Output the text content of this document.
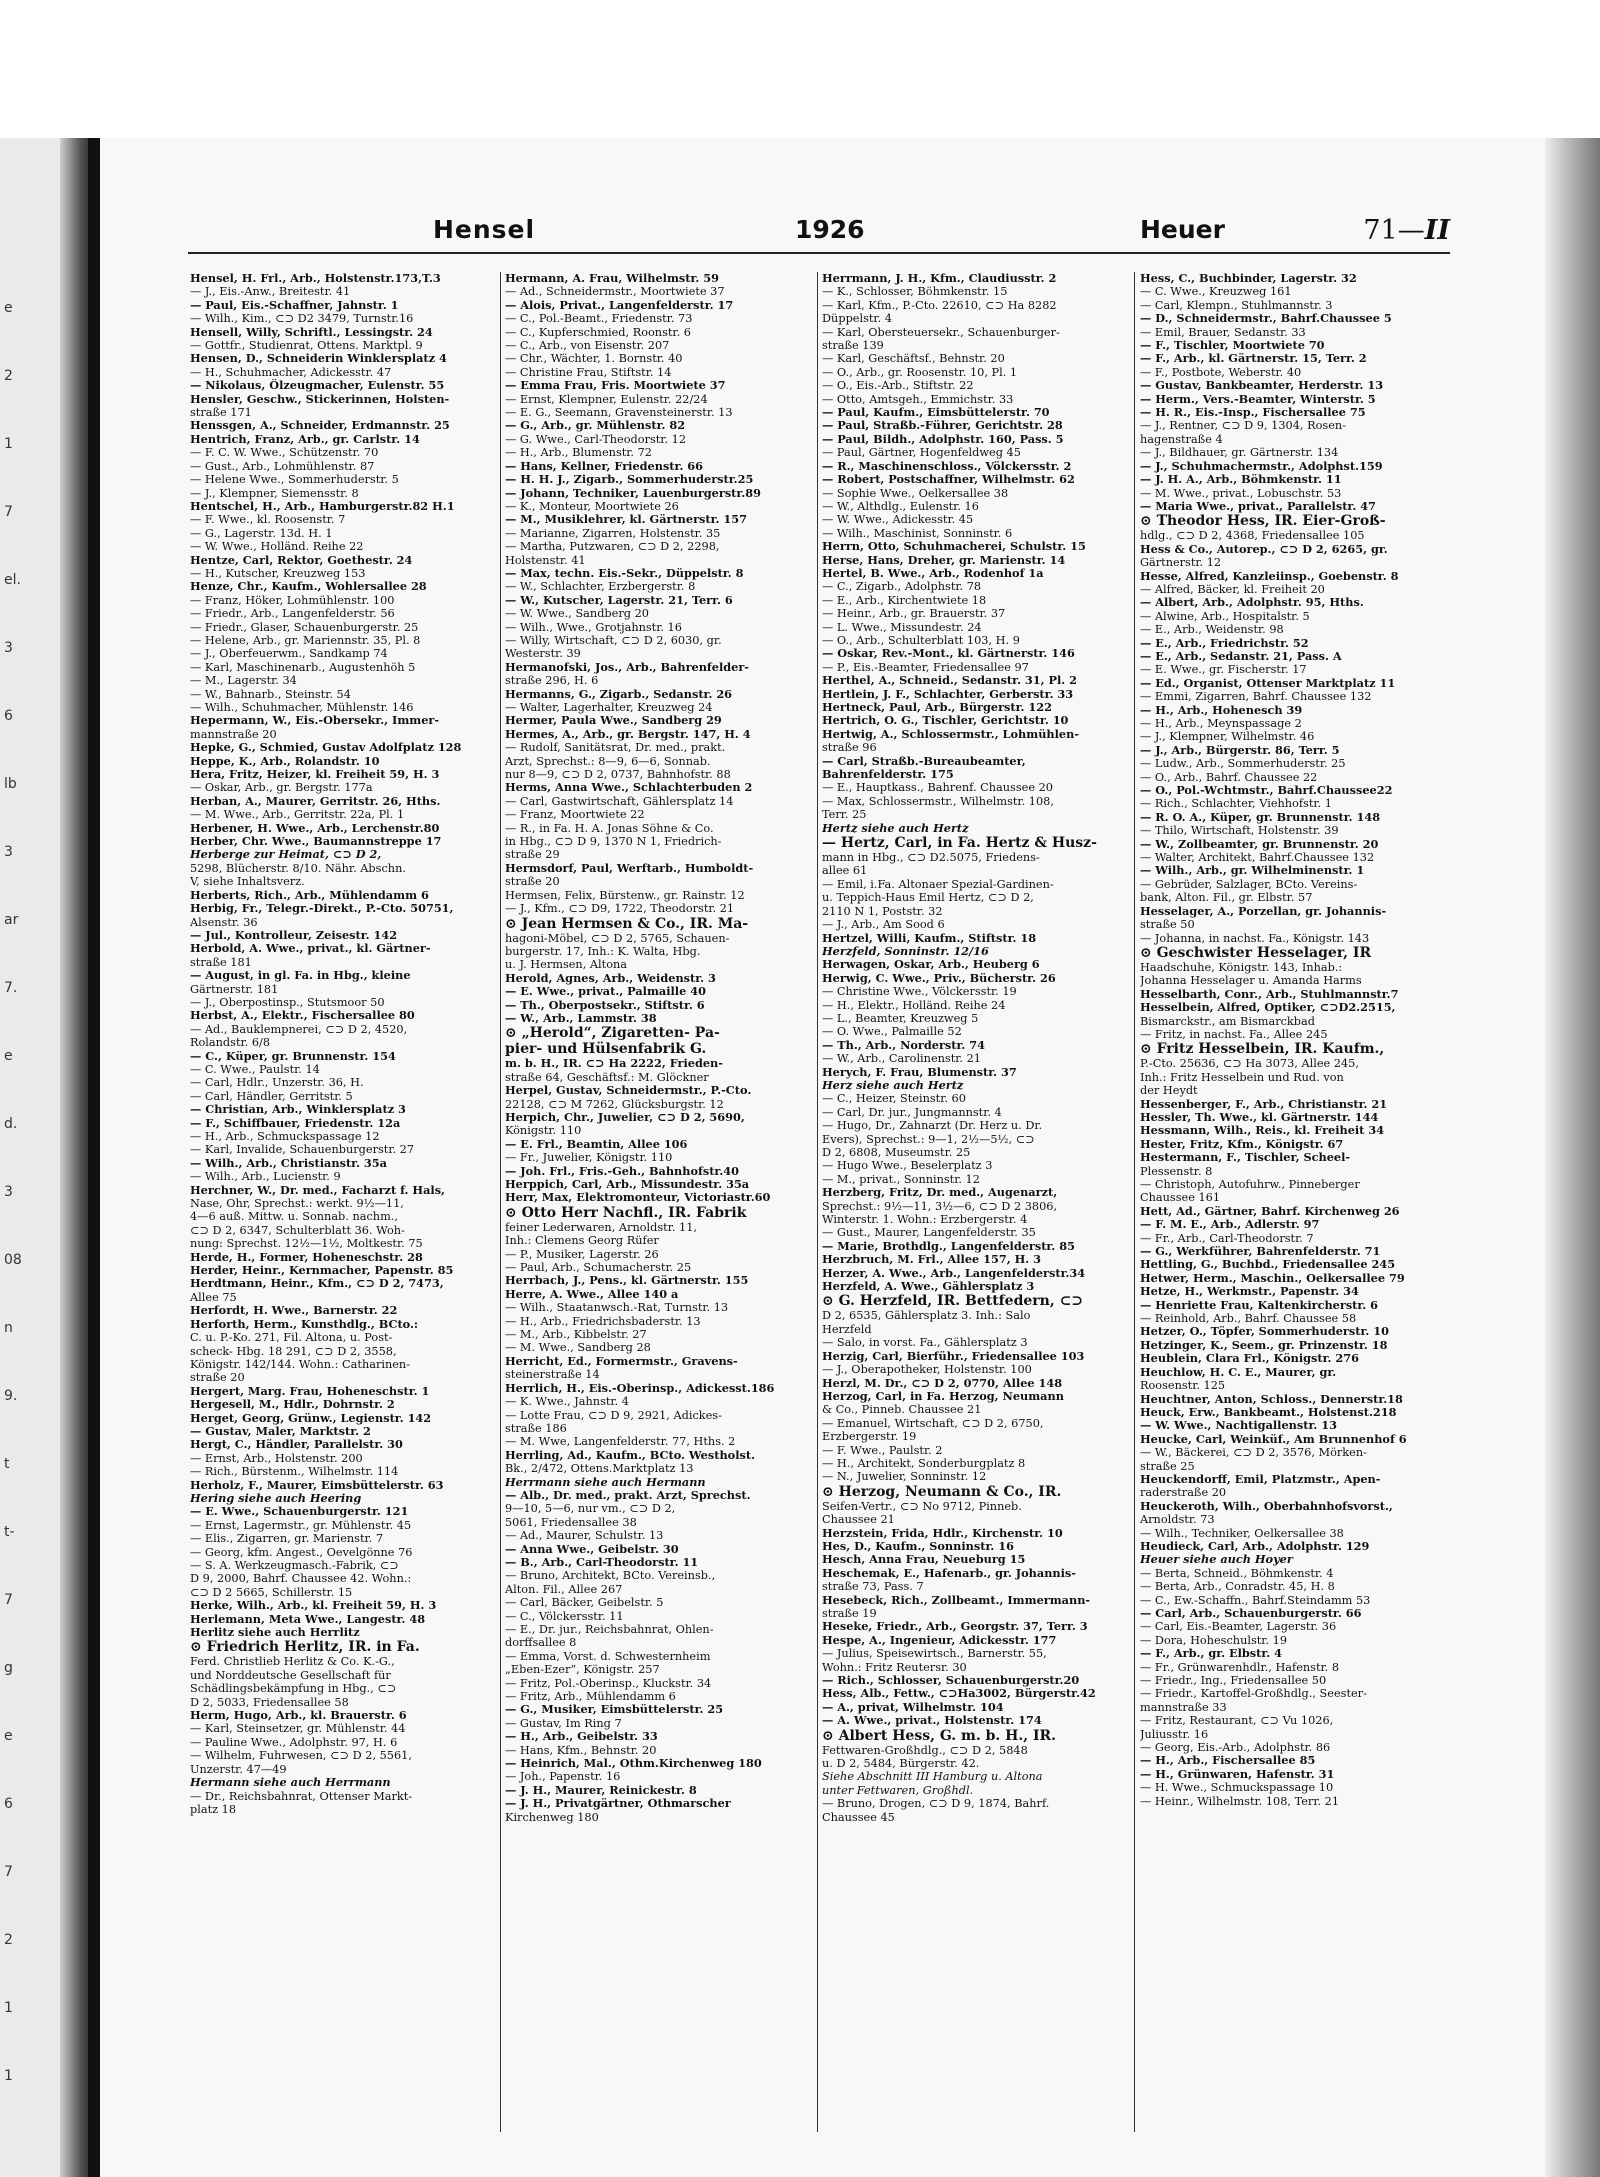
e
2
1
7
el.
3
6
lb
3
ar
7.
e
d.
3
08
n
9.
t
t-
7
g
e
6
7
2
1
1
Hensel	1926	Heuer	71—II
Hensel, H. Frl., Arb., Holstenstr.173,T.3
— J., Eis.-Anw., Breitestr. 41
— Paul, Eis.-Schaffner, Jahnstr. 1
— Wilh., Kim., ⊂⊃ D2 3479, Turnstr.16
Hensell, Willy, Schriftl., Lessingstr. 24
— Gottfr., Studienrat, Ottens. Marktpl. 9
Hensen, D., Schneiderin Winklersplatz 4
— H., Schuhmacher, Adickesstr. 47
— Nikolaus, Ölzeugmacher, Eulenstr. 55
Hensler, Geschw., Stickerinnen, Holsten-
straße 171
Henssgen, A., Schneider, Erdmannstr. 25
Hentrich, Franz, Arb., gr. Carlstr. 14
— F. C. W. Wwe., Schützenstr. 70
— Gust., Arb., Lohmühlenstr. 87
— Helene Wwe., Sommerhuderstr. 5
— J., Klempner, Siemensstr. 8
Hentschel, H., Arb., Hamburgerstr.82 H.1
— F. Wwe., kl. Roosenstr. 7
— G., Lagerstr. 13d. H. 1
— W. Wwe., Holländ. Reihe 22
Hentze, Carl, Rektor, Goethestr. 24
— H., Kutscher, Kreuzweg 153
Henze, Chr., Kaufm., Wohlersallee 28
— Franz, Höker, Lohmühlenstr. 100
— Friedr., Arb., Langenfelderstr. 56
— Friedr., Glaser, Schauenburgerstr. 25
— Helene, Arb., gr. Mariennstr. 35, Pl. 8
— J., Oberfeuerwm., Sandkamp 74
— Karl, Maschinenarb., Augustenhöh 5
— M., Lagerstr. 34
— W., Bahnarb., Steinstr. 54
— Wilh., Schuhmacher, Mühlenstr. 146
Hepermann, W., Eis.-Obersekr., Immer-
mannstraße 20
Hepke, G., Schmied, Gustav Adolfplatz 128
Heppe, K., Arb., Rolandstr. 10
Hera, Fritz, Heizer, kl. Freiheit 59, H. 3
— Oskar, Arb., gr. Bergstr. 177a
Herban, A., Maurer, Gerritstr. 26, Hths.
— M. Wwe., Arb., Gerritstr. 22a, Pl. 1
Herbener, H. Wwe., Arb., Lerchenstr.80
Herber, Chr. Wwe., Baumannstreppe 17
Herberge zur Heimat, ⊂⊃ D 2,
5298, Blücherstr. 8/10. Nähr. Abschn.
V, siehe Inhaltsverz.
Herberts, Rich., Arb., Mühlendamm 6
Herbig, Fr., Telegr.-Direkt., P.-Cto. 50751,
Alsenstr. 36
— Jul., Kontrolleur, Zeisestr. 142
Herbold, A. Wwe., privat., kl. Gärtner-
straße 181
— August, in gl. Fa. in Hbg., kleine
Gärtnerstr. 181
— J., Oberpostinsp., Stutsmoor 50
Herbst, A., Elektr., Fischersallee 80
— Ad., Bauklempnerei, ⊂⊃ D 2, 4520,
Rolandstr. 6/8
— C., Küper, gr. Brunnenstr. 154
— C. Wwe., Paulstr. 14
— Carl, Hdlr., Unzerstr. 36, H.
— Carl, Händler, Gerritstr. 5
— Christian, Arb., Winklersplatz 3
— F., Schiffbauer, Friedenstr. 12a
— H., Arb., Schmuckspassage 12
— Karl, Invalide, Schauenburgerstr. 27
— Wilh., Arb., Christianstr. 35a
— Wilh., Arb., Lucienstr. 9
Herchner, W., Dr. med., Facharzt f. Hals,
Nase, Ohr, Sprechst.: werkt. 9½—11,
4—6 auß. Mittw. u. Sonnab. nachm.,
⊂⊃ D 2, 6347, Schulterblatt 36. Woh-
nung: Sprechst. 12½—1½, Moltkestr. 75
Herde, H., Former, Hoheneschstr. 28
Herder, Heinr., Kernmacher, Papenstr. 85
Herdtmann, Heinr., Kfm., ⊂⊃ D 2, 7473,
Allee 75
Herfordt, H. Wwe., Barnerstr. 22
Herforth, Herm., Kunsthdlg., BCto.:
C. u. P.-Ko. 271, Fil. Altona, u. Post-
scheck- Hbg. 18 291, ⊂⊃ D 2, 3558,
Königstr. 142/144. Wohn.: Catharinen-
straße 20
Hergert, Marg. Frau, Hoheneschstr. 1
Hergesell, M., Hdlr., Dohrnstr. 2
Herget, Georg, Grünw., Legienstr. 142
— Gustav, Maler, Marktstr. 2
Hergt, C., Händler, Parallelstr. 30
— Ernst, Arb., Holstenstr. 200
— Rich., Bürstenm., Wilhelmstr. 114
Herholz, F., Maurer, Eimsbüttelerstr. 63
Hering siehe auch Heering
— E. Wwe., Schauenburgerstr. 121
— Ernst, Lagermstr., gr. Mühlenstr. 45
— Elis., Zigarren, gr. Marienstr. 7
— Georg, kfm. Angest., Oevelgönne 76
— S. A. Werkzeugmasch.-Fabrik, ⊂⊃
D 9, 2000, Bahrf. Chaussee 42. Wohn.:
⊂⊃ D 2 5665, Schillerstr. 15
Herke, Wilh., Arb., kl. Freiheit 59, H. 3
Herlemann, Meta Wwe., Langestr. 48
Herlitz siehe auch Herrlitz
⊙ Friedrich Herlitz, IR. in Fa.
Ferd. Christlieb Herlitz & Co. K.-G.,
und Norddeutsche Gesellschaft für
Schädlingsbekämpfung in Hbg., ⊂⊃
D 2, 5033, Friedensallee 58
Herm, Hugo, Arb., kl. Brauerstr. 6
— Karl, Steinsetzer, gr. Mühlenstr. 44
— Pauline Wwe., Adolphstr. 97, H. 6
— Wilhelm, Fuhrwesen, ⊂⊃ D 2, 5561,
Unzerstr. 47—49
Hermann siehe auch Herrmann
— Dr., Reichsbahnrat, Ottenser Markt-
platz 18
Hermann, A. Frau, Wilhelmstr. 59
— Ad., Schneidermstr., Moortwiete 37
— Alois, Privat., Langenfelderstr. 17
— C., Pol.-Beamt., Friedenstr. 73
— C., Kupferschmied, Roonstr. 6
— C., Arb., von Eisenstr. 207
— Chr., Wächter, 1. Bornstr. 40
— Christine Frau, Stiftstr. 14
— Emma Frau, Fris. Moortwiete 37
— Ernst, Klempner, Eulenstr. 22/24
— E. G., Seemann, Gravensteinerstr. 13
— G., Arb., gr. Mühlenstr. 82
— G. Wwe., Carl-Theodorstr. 12
— H., Arb., Blumenstr. 72
— Hans, Kellner, Friedenstr. 66
— H. H. J., Zigarb., Sommerhuderstr.25
— Johann, Techniker, Lauenburgerstr.89
— K., Monteur, Moortwiete 26
— M., Musiklehrer, kl. Gärtnerstr. 157
— Marianne, Zigarren, Holstenstr. 35
— Martha, Putzwaren, ⊂⊃ D 2, 2298,
Holstenstr. 41
— Max, techn. Eis.-Sekr., Düppelstr. 8
— W., Schlachter, Erzbergerstr. 8
— W., Kutscher, Lagerstr. 21, Terr. 6
— W. Wwe., Sandberg 20
— Wilh., Wwe., Grotjahnstr. 16
— Willy, Wirtschaft, ⊂⊃ D 2, 6030, gr.
Westerstr. 39
Hermanofski, Jos., Arb., Bahrenfelder-
straße 296, H. 6
Hermanns, G., Zigarb., Sedanstr. 26
— Walter, Lagerhalter, Kreuzweg 24
Hermer, Paula Wwe., Sandberg 29
Hermes, A., Arb., gr. Bergstr. 147, H. 4
— Rudolf, Sanitätsrat, Dr. med., prakt.
Arzt, Sprechst.: 8—9, 6—6, Sonnab.
nur 8—9, ⊂⊃ D 2, 0737, Bahnhofstr. 88
Herms, Anna Wwe., Schlachterbuden 2
— Carl, Gastwirtschaft, Gählersplatz 14
— Franz, Moortwiete 22
— R., in Fa. H. A. Jonas Söhne & Co.
in Hbg., ⊂⊃ D 9, 1370 N 1, Friedrich-
straße 29
Hermsdorf, Paul, Werftarb., Humboldt-
straße 20
Hermsen, Felix, Bürstenw., gr. Rainstr. 12
— J., Kfm., ⊂⊃ D9, 1722, Theodorstr. 21
⊙ Jean Hermsen & Co., IR. Ma-
hagoni-Möbel, ⊂⊃ D 2, 5765, Schauen-
burgerstr. 17, Inh.: K. Walta, Hbg.
u. J. Hermsen, Altona
Herold, Agnes, Arb., Weidenstr. 3
— E. Wwe., privat., Palmaille 40
— Th., Oberpostsekr., Stiftstr. 6
— W., Arb., Lammstr. 38
⊙ „Herold“, Zigaretten- Pa-
pier- und Hülsenfabrik G.
m. b. H., IR. ⊂⊃ Ha 2222, Frieden-
straße 64, Geschäftsf.: M. Glöckner
Herpel, Gustav, Schneidermstr., P.-Cto.
22128, ⊂⊃ M 7262, Glücksburgstr. 12
Herpich, Chr., Juwelier, ⊂⊃ D 2, 5690,
Königstr. 110
— E. Frl., Beamtin, Allee 106
— Fr., Juwelier, Königstr. 110
— Joh. Frl., Fris.-Geh., Bahnhofstr.40
Herppich, Carl, Arb., Missundestr. 35a
Herr, Max, Elektromonteur, Victoriastr.60
⊙ Otto Herr Nachfl., IR. Fabrik
feiner Lederwaren, Arnoldstr. 11,
Inh.: Clemens Georg Rüfer
— P., Musiker, Lagerstr. 26
— Paul, Arb., Schumacherstr. 25
Herrbach, J., Pens., kl. Gärtnerstr. 155
Herre, A. Wwe., Allee 140 a
— Wilh., Staatanwsch.-Rat, Turnstr. 13
— H., Arb., Friedrichsbaderstr. 13
— M., Arb., Kibbelstr. 27
— M. Wwe., Sandberg 28
Herricht, Ed., Formermstr., Gravens-
steinerstraße 14
Herrlich, H., Eis.-Oberinsp., Adickesst.186
— K. Wwe., Jahnstr. 4
— Lotte Frau, ⊂⊃ D 9, 2921, Adickes-
straße 186
— M. Wwe, Langenfelderstr. 77, Hths. 2
Herrling, Ad., Kaufm., BCto. Westholst.
Bk., 2/472, Ottens.Marktplatz 13
Herrmann siehe auch Hermann
— Alb., Dr. med., prakt. Arzt, Sprechst.
9—10, 5—6, nur vm., ⊂⊃ D 2,
5061, Friedensallee 38
— Ad., Maurer, Schulstr. 13
— Anna Wwe., Geibelstr. 30
— B., Arb., Carl-Theodorstr. 11
— Bruno, Architekt, BCto. Vereinsb.,
Alton. Fil., Allee 267
— Carl, Bäcker, Geibelstr. 5
— C., Völckersstr. 11
— E., Dr. jur., Reichsbahnrat, Ohlen-
dorffsallee 8
— Emma, Vorst. d. Schwesternheim
„Eben-Ezer“, Königstr. 257
— Fritz, Pol.-Oberinsp., Kluckstr. 34
— Fritz, Arb., Mühlendamm 6
— G., Musiker, Eimsbüttelerstr. 25
— Gustav, Im Ring 7
— H., Arb., Geibelstr. 33
— Hans, Kfm., Behnstr. 20
— Heinrich, Mal., Othm.Kirchenweg 180
— Joh., Papenstr. 16
— J. H., Maurer, Reinickestr. 8
— J. H., Privatgärtner, Othmarscher
Kirchenweg 180
Herrmann, J. H., Kfm., Claudiusstr. 2
— K., Schlosser, Böhmkenstr. 15
— Karl, Kfm., P.-Cto. 22610, ⊂⊃ Ha 8282
Düppelstr. 4
— Karl, Obersteuersekr., Schauenburger-
straße 139
— Karl, Geschäftsf., Behnstr. 20
— O., Arb., gr. Roosenstr. 10, Pl. 1
— O., Eis.-Arb., Stiftstr. 22
— Otto, Amtsgeh., Emmichstr. 33
— Paul, Kaufm., Eimsbüttelerstr. 70
— Paul, Straßb.-Führer, Gerichtstr. 28
— Paul, Bildh., Adolphstr. 160, Pass. 5
— Paul, Gärtner, Hogenfeldweg 45
— R., Maschinenschloss., Völckersstr. 2
— Robert, Postschaffner, Wilhelmstr. 62
— Sophie Wwe., Oelkersallee 38
— W., Althdlg., Eulenstr. 16
— W. Wwe., Adickesstr. 45
— Wilh., Maschinist, Sonninstr. 6
Herrn, Otto, Schuhmacherei, Schulstr. 15
Herse, Hans, Dreher, gr. Marienstr. 14
Hertel, B. Wwe., Arb., Rodenhof 1a
— C., Zigarb., Adolphstr. 78
— E., Arb., Kirchentwiete 18
— Heinr., Arb., gr. Brauerstr. 37
— L. Wwe., Missundestr. 24
— O., Arb., Schulterblatt 103, H. 9
— Oskar, Rev.-Mont., kl. Gärtnerstr. 146
— P., Eis.-Beamter, Friedensallee 97
Herthel, A., Schneid., Sedanstr. 31, Pl. 2
Hertlein, J. F., Schlachter, Gerberstr. 33
Hertneck, Paul, Arb., Bürgerstr. 122
Hertrich, O. G., Tischler, Gerichtstr. 10
Hertwig, A., Schlossermstr., Lohmühlen-
straße 96
— Carl, Straßb.-Bureaubeamter,
Bahrenfelderstr. 175
— E., Hauptkass., Bahrenf. Chaussee 20
— Max, Schlossermstr., Wilhelmstr. 108,
Terr. 25
Hertz siehe auch Hertz
— Hertz, Carl, in Fa. Hertz & Husz-
mann in Hbg., ⊂⊃ D2.5075, Friedens-
allee 61
— Emil, i.Fa. Altonaer Spezial-Gardinen-
u. Teppich-Haus Emil Hertz, ⊂⊃ D 2,
2110 N 1, Poststr. 32
— J., Arb., Am Sood 6
Hertzel, Willi, Kaufm., Stiftstr. 18
Herzfeld, Sonninstr. 12/16
Herwagen, Oskar, Arb., Heuberg 6
Herwig, C. Wwe., Priv., Bücherstr. 26
— Christine Wwe., Völckersstr. 19
— H., Elektr., Holländ. Reihe 24
— L., Beamter, Kreuzweg 5
— O. Wwe., Palmaille 52
— Th., Arb., Norderstr. 74
— W., Arb., Carolinenstr. 21
Herych, F. Frau, Blumenstr. 37
Herz siehe auch Hertz
— C., Heizer, Steinstr. 60
— Carl, Dr. jur., Jungmannstr. 4
— Hugo, Dr., Zahnarzt (Dr. Herz u. Dr.
Evers), Sprechst.: 9—1, 2½—5½, ⊂⊃
D 2, 6808, Museumstr. 25
— Hugo Wwe., Beselerplatz 3
— M., privat., Sonninstr. 12
Herzberg, Fritz, Dr. med., Augenarzt,
Sprechst.: 9½—11, 3½—6, ⊂⊃ D 2 3806,
Winterstr. 1. Wohn.: Erzbergerstr. 4
— Gust., Maurer, Langenfelderstr. 35
— Marie, Brothdlg., Langenfelderstr. 85
Herzbruch, M. Frl., Allee 157, H. 3
Herzer, A. Wwe., Arb., Langenfelderstr.34
Herzfeld, A. Wwe., Gählersplatz 3
⊙ G. Herzfeld, IR. Bettfedern, ⊂⊃
D 2, 6535, Gählersplatz 3. Inh.: Salo
Herzfeld
— Salo, in vorst. Fa., Gählersplatz 3
Herzig, Carl, Bierführ., Friedensallee 103
— J., Oberapotheker, Holstenstr. 100
Herzl, M. Dr., ⊂⊃ D 2, 0770, Allee 148
Herzog, Carl, in Fa. Herzog, Neumann
& Co., Pinneb. Chaussee 21
— Emanuel, Wirtschaft, ⊂⊃ D 2, 6750,
Erzbergerstr. 19
— F. Wwe., Paulstr. 2
— H., Architekt, Sonderburgplatz 8
— N., Juwelier, Sonninstr. 12
⊙ Herzog, Neumann & Co., IR.
Seifen-Vertr., ⊂⊃ No 9712, Pinneb.
Chaussee 21
Herzstein, Frida, Hdlr., Kirchenstr. 10
Hes, D., Kaufm., Sonninstr. 16
Hesch, Anna Frau, Neueburg 15
Heschemak, E., Hafenarb., gr. Johannis-
straße 73, Pass. 7
Hesebeck, Rich., Zollbeamt., Immermann-
straße 19
Heseke, Friedr., Arb., Georgstr. 37, Terr. 3
Hespe, A., Ingenieur, Adickesstr. 177
— Julius, Speisewirtsch., Barnerstr. 55,
Wohn.: Fritz Reutersr. 30
— Rich., Schlosser, Schauenburgerstr.20
Hess, Alb., Fettw., ⊂⊃Ha3002, Bürgerstr.42
— A., privat, Wilhelmstr. 104
— A. Wwe., privat., Holstenstr. 174
⊙ Albert Hess, G. m. b. H., IR.
Fettwaren-Großhdlg., ⊂⊃ D 2, 5848
u. D 2, 5484, Bürgerstr. 42.
Siehe Abschnitt III Hamburg u. Altona
unter Fettwaren, Großhdl.
— Bruno, Drogen, ⊂⊃ D 9, 1874, Bahrf.
Chaussee 45
Hess, C., Buchbinder, Lagerstr. 32
— C. Wwe., Kreuzweg 161
— Carl, Klempn., Stuhlmannstr. 3
— D., Schneidermstr., Bahrf.Chaussee 5
— Emil, Brauer, Sedanstr. 33
— F., Tischler, Moortwiete 70
— F., Arb., kl. Gärtnerstr. 15, Terr. 2
— F., Postbote, Weberstr. 40
— Gustav, Bankbeamter, Herderstr. 13
— Herm., Vers.-Beamter, Winterstr. 5
— H. R., Eis.-Insp., Fischersallee 75
— J., Rentner, ⊂⊃ D 9, 1304, Rosen-
hagenstraße 4
— J., Bildhauer, gr. Gärtnerstr. 134
— J., Schuhmachermstr., Adolphst.159
— J. H. A., Arb., Böhmkenstr. 11
— M. Wwe., privat., Lobuschstr. 53
— Maria Wwe., privat., Parallelstr. 47
⊙ Theodor Hess, IR. Eier-Groß-
hdlg., ⊂⊃ D 2, 4368, Friedensallee 105
Hess & Co., Autorep., ⊂⊃ D 2, 6265, gr.
Gärtnerstr. 12
Hesse, Alfred, Kanzleiinsp., Goebenstr. 8
— Alfred, Bäcker, kl. Freiheit 20
— Albert, Arb., Adolphstr. 95, Hths.
— Alwine, Arb., Hospitalstr. 5
— E., Arb., Weidenstr. 98
— E., Arb., Friedrichstr. 52
— E., Arb., Sedanstr. 21, Pass. A
— E. Wwe., gr. Fischerstr. 17
— Ed., Organist, Ottenser Marktplatz 11
— Emmi, Zigarren, Bahrf. Chaussee 132
— H., Arb., Hohenesch 39
— H., Arb., Meynspassage 2
— J., Klempner, Wilhelmstr. 46
— J., Arb., Bürgerstr. 86, Terr. 5
— Ludw., Arb., Sommerhuderstr. 25
— O., Arb., Bahrf. Chaussee 22
— O., Pol.-Wchtmstr., Bahrf.Chaussee22
— Rich., Schlachter, Viehhofstr. 1
— R. O. A., Küper, gr. Brunnenstr. 148
— Thilo, Wirtschaft, Holstenstr. 39
— W., Zollbeamter, gr. Brunnenstr. 20
— Walter, Architekt, Bahrf.Chaussee 132
— Wilh., Arb., gr. Wilhelminenstr. 1
— Gebrüder, Salzlager, BCto. Vereins-
bank, Alton. Fil., gr. Elbstr. 57
Hesselager, A., Porzellan, gr. Johannis-
straße 50
— Johanna, in nachst. Fa., Königstr. 143
⊙ Geschwister Hesselager, IR
Haadschuhe, Königstr. 143, Inhab.:
Johanna Hesselager u. Amanda Harms
Hesselbarth, Conr., Arb., Stuhlmannstr.7
Hesselbein, Alfred, Optiker, ⊂⊃D2.2515,
Bismarckstr., am Bismarckbad
— Fritz, in nachst. Fa., Allee 245
⊙ Fritz Hesselbein, IR. Kaufm.,
P.-Cto. 25636, ⊂⊃ Ha 3073, Allee 245,
Inh.: Fritz Hesselbein und Rud. von
der Heydt
Hessenberger, F., Arb., Christianstr. 21
Hessler, Th. Wwe., kl. Gärtnerstr. 144
Hessmann, Wilh., Reis., kl. Freiheit 34
Hester, Fritz, Kfm., Königstr. 67
Hestermann, F., Tischler, Scheel-
Plessenstr. 8
— Christoph, Autofuhrw., Pinneberger
Chaussee 161
Hett, Ad., Gärtner, Bahrf. Kirchenweg 26
— F. M. E., Arb., Adlerstr. 97
— Fr., Arb., Carl-Theodorstr. 7
— G., Werkführer, Bahrenfelderstr. 71
Hettling, G., Buchbd., Friedensallee 245
Hetwer, Herm., Maschin., Oelkersallee 79
Hetze, H., Werkmstr., Papenstr. 34
— Henriette Frau, Kaltenkircherstr. 6
— Reinhold, Arb., Bahrf. Chaussee 58
Hetzer, O., Töpfer, Sommerhuderstr. 10
Hetzinger, K., Seem., gr. Prinzenstr. 18
Heublein, Clara Frl., Königstr. 276
Heuchlow, H. C. E., Maurer, gr.
Roosenstr. 125
Heuchtner, Anton, Schloss., Dennerstr.18
Heuck, Erw., Bankbeamt., Holstenst.218
— W. Wwe., Nachtigallenstr. 13
Heucke, Carl, Weinküf., Am Brunnenhof 6
— W., Bäckerei, ⊂⊃ D 2, 3576, Mörken-
straße 25
Heuckendorff, Emil, Platzmstr., Apen-
raderstraße 20
Heuckeroth, Wilh., Oberbahnhofsvorst.,
Arnoldstr. 73
— Wilh., Techniker, Oelkersallee 38
Heudieck, Carl, Arb., Adolphstr. 129
Heuer siehe auch Hoyer
— Berta, Schneid., Böhmkenstr. 4
— Berta, Arb., Conradstr. 45, H. 8
— C., Ew.-Schaffn., Bahrf.Steindamm 53
— Carl, Arb., Schauenburgerstr. 66
— Carl, Eis.-Beamter, Lagerstr. 36
— Dora, Hoheschulstr. 19
— F., Arb., gr. Elbstr. 4
— Fr., Grünwarenhdlr., Hafenstr. 8
— Friedr., Ing., Friedensallee 50
— Friedr., Kartoffel-Großhdlg., Seester-
mannstraße 33
— Fritz, Restaurant, ⊂⊃ Vu 1026,
Juliusstr. 16
— Georg, Eis.-Arb., Adolphstr. 86
— H., Arb., Fischersallee 85
— H., Grünwaren, Hafenstr. 31
— H. Wwe., Schmuckspassage 10
— Heinr., Wilhelmstr. 108, Terr. 21
